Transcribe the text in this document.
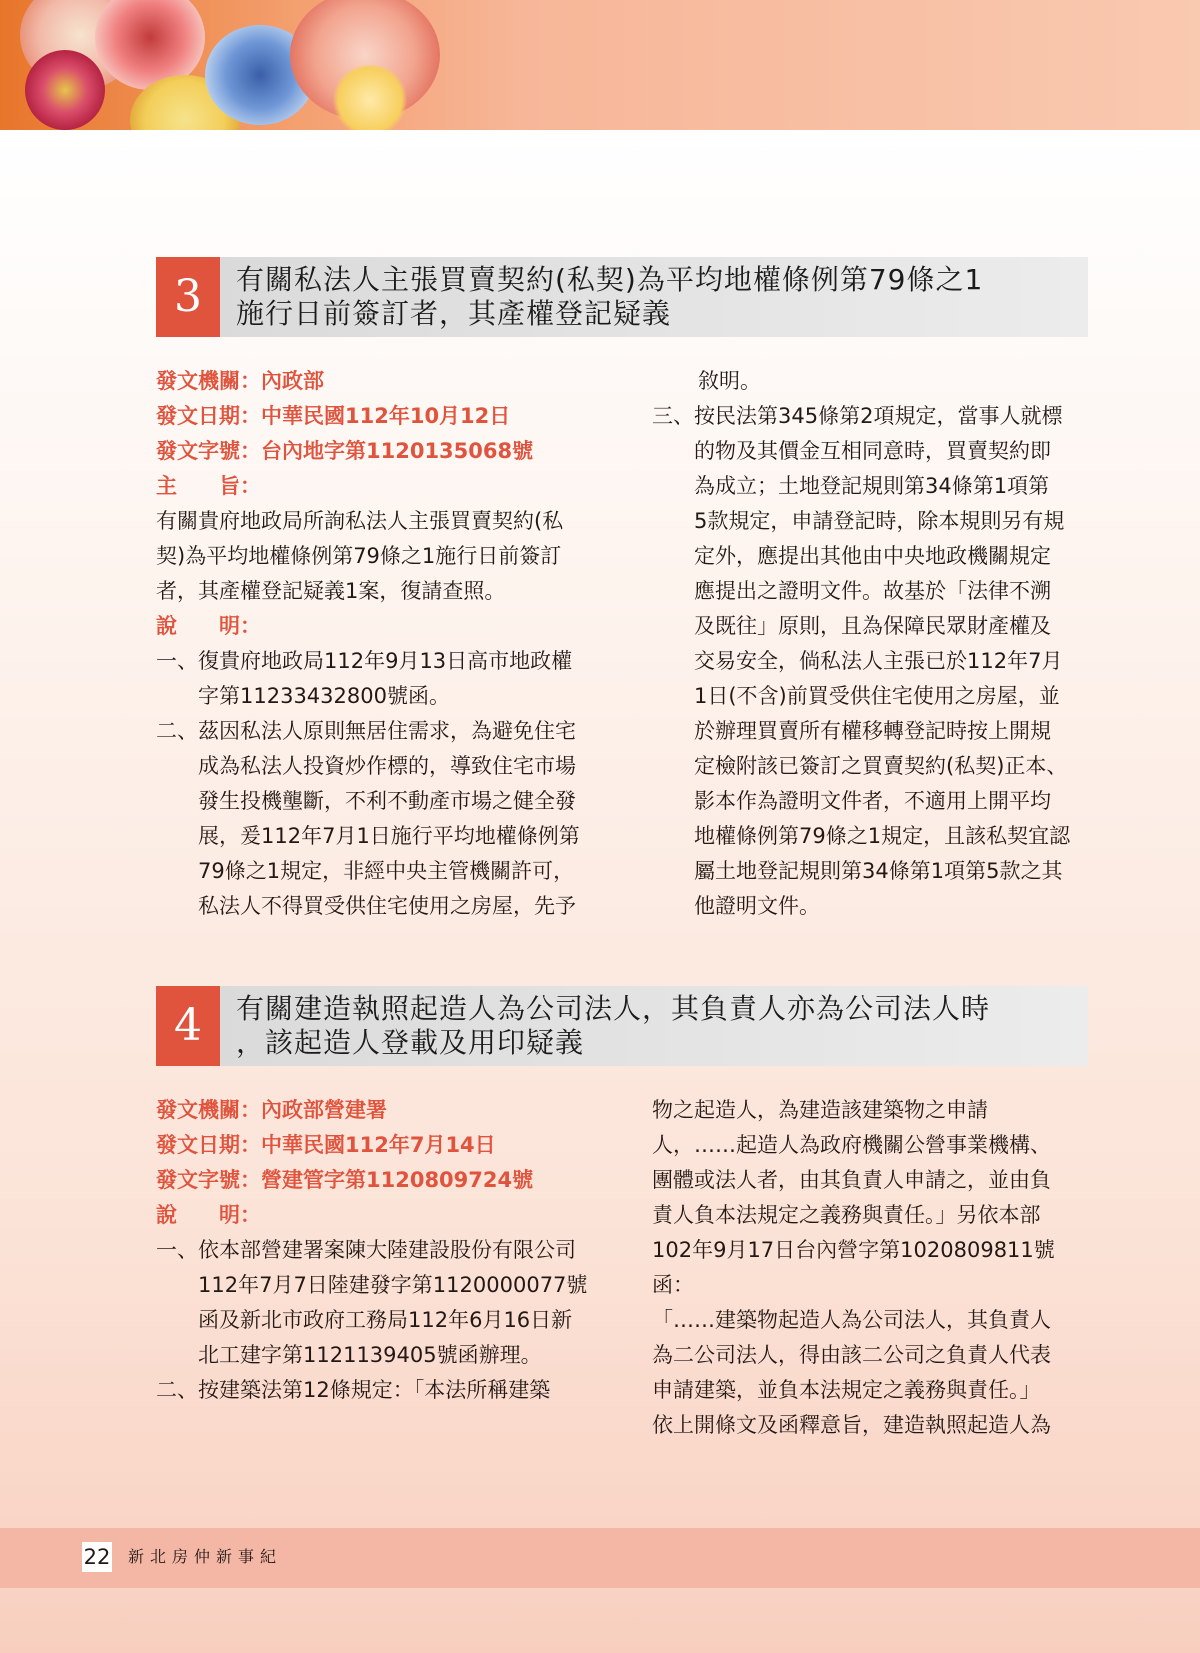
3	有關私法人主張買賣契約(私契)為平均地權條例第79條之1
施行日前簽訂者，其產權登記疑義
發文機關：內政部
發文日期：中華民國112年10月12日
發文字號：台內地字第1120135068號
主　　旨：
有關貴府地政局所詢私法人主張買賣契約(私
契)為平均地權條例第79條之1施行日前簽訂
者，其產權登記疑義1案，復請查照。
說　　明：
一、 復貴府地政局112年9月13日高市地政權
字第11233432800號函。
二、 茲因私法人原則無居住需求，為避免住宅
成為私法人投資炒作標的，導致住宅市場
發生投機壟斷，不利不動產市場之健全發
展，爰112年7月1日施行平均地權條例第
79條之1規定，非經中央主管機關許可，
私法人不得買受供住宅使用之房屋，先予
敘明。
三、 按民法第345條第2項規定，當事人就標
的物及其價金互相同意時，買賣契約即
為成立；土地登記規則第34條第1項第
5款規定，申請登記時，除本規則另有規
定外，應提出其他由中央地政機關規定
應提出之證明文件。故基於「法律不溯
及既往」原則，且為保障民眾財產權及
交易安全，倘私法人主張已於112年7月
1日(不含)前買受供住宅使用之房屋，並
於辦理買賣所有權移轉登記時按上開規
定檢附該已簽訂之買賣契約(私契)正本、
影本作為證明文件者，不適用上開平均
地權條例第79條之1規定，且該私契宜認
屬土地登記規則第34條第1項第5款之其
他證明文件。
4	有關建造執照起造人為公司法人，其負責人亦為公司法人時
，該起造人登載及用印疑義
發文機關：內政部營建署
發文日期：中華民國112年7月14日
發文字號：營建管字第1120809724號
說　　明：
一、 依本部營建署案陳大陸建設股份有限公司
112年7月7日陸建發字第1120000077號
函及新北市政府工務局112年6月16日新
北工建字第1121139405號函辦理。
二、 按建築法第12條規定：「本法所稱建築
物之起造人，為建造該建築物之申請
人，……起造人為政府機關公營事業機構、
團體或法人者，由其負責人申請之，並由負
責人負本法規定之義務與責任。」另依本部
102年9月17日台內營字第1020809811號函：
「……建築物起造人為公司法人，其負責人
為二公司法人，得由該二公司之負責人代表
申請建築，並負本法規定之義務與責任。」
依上開條文及函釋意旨，建造執照起造人為
22 新北房仲新事紀
